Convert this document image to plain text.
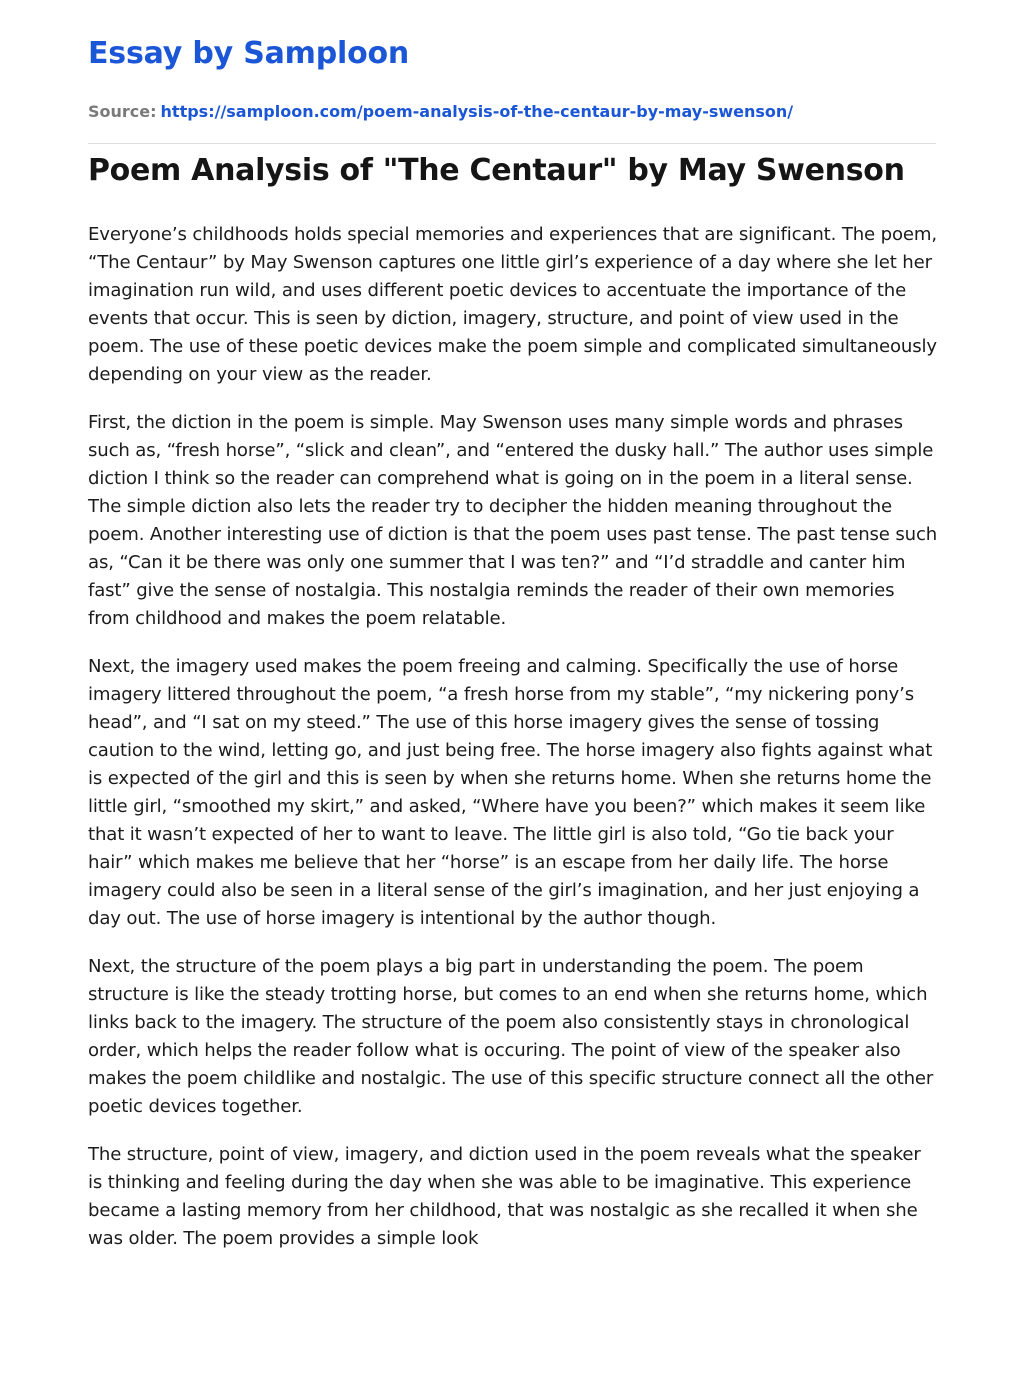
Essay by Samploon
Source: https://samploon.com/poem-analysis-of-the-centaur-by-may-swenson/
Poem Analysis of "The Centaur" by May Swenson

Everyone’s childhoods holds special memories and experiences that are significant. The poem, “The Centaur” by May Swenson captures one little girl’s experience of a day where she let her imagination run wild, and uses different poetic devices to accentuate the importance of the events that occur. This is seen by diction, imagery, structure, and point of view used in the poem. The use of these poetic devices make the poem simple and complicated simultaneously depending on your view as the reader.

First, the diction in the poem is simple. May Swenson uses many simple words and phrases such as, “fresh horse”, “slick and clean”, and “entered the dusky hall.” The author uses simple diction I think so the reader can comprehend what is going on in the poem in a literal sense. The simple diction also lets the reader try to decipher the hidden meaning throughout the poem. Another interesting use of diction is that the poem uses past tense. The past tense such as, “Can it be there was only one summer that I was ten?” and “I’d straddle and canter him fast” give the sense of nostalgia. This nostalgia reminds the reader of their own memories from childhood and makes the poem relatable.

Next, the imagery used makes the poem freeing and calming. Specifically the use of horse imagery littered throughout the poem, “a fresh horse from my stable”, “my nickering pony’s head”, and “I sat on my steed.” The use of this horse imagery gives the sense of tossing caution to the wind, letting go, and just being free. The horse imagery also fights against what is expected of the girl and this is seen by when she returns home. When she returns home the little girl, “smoothed my skirt,” and asked, “Where have you been?” which makes it seem like that it wasn’t expected of her to want to leave. The little girl is also told, “Go tie back your hair” which makes me believe that her “horse” is an escape from her daily life. The horse imagery could also be seen in a literal sense of the girl’s imagination, and her just enjoying a day out. The use of horse imagery is intentional by the author though.

Next, the structure of the poem plays a big part in understanding the poem. The poem structure is like the steady trotting horse, but comes to an end when she returns home, which links back to the imagery. The structure of the poem also consistently stays in chronological order, which helps the reader follow what is occuring. The point of view of the speaker also makes the poem childlike and nostalgic. The use of this specific structure connect all the other poetic devices together.

The structure, point of view, imagery, and diction used in the poem reveals what the speaker is thinking and feeling during the day when she was able to be imaginative. This experience became a lasting memory from her childhood, that was nostalgic as she recalled it when she was older. The poem provides a simple look
